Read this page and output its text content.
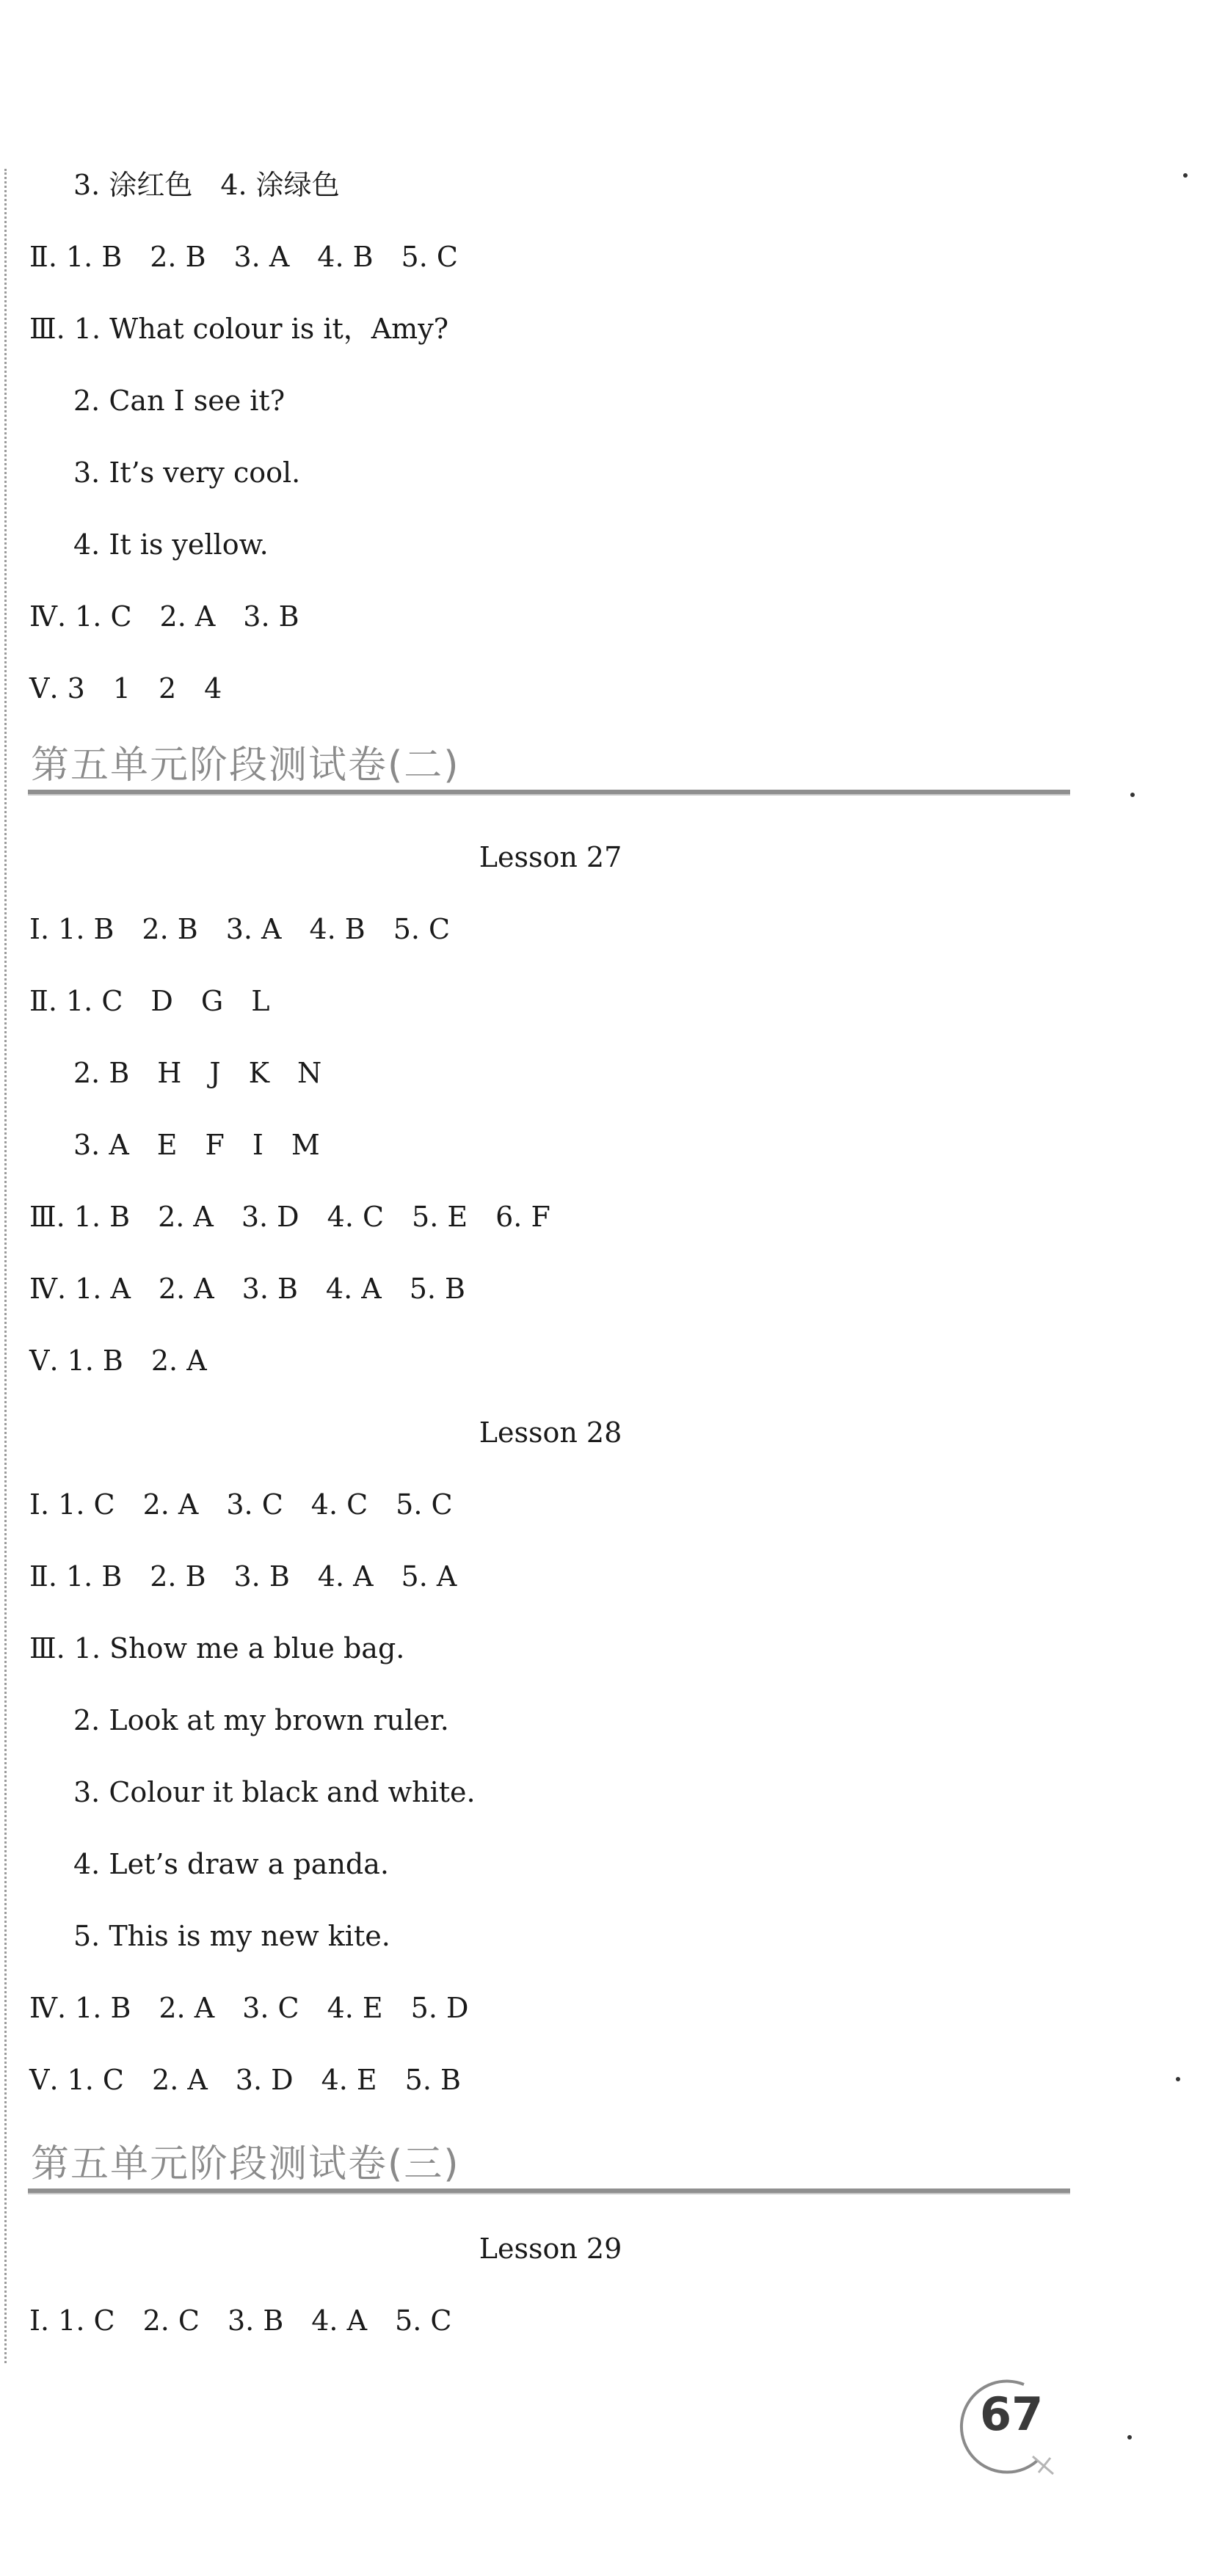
3. 涂红色　4. 涂绿色
Ⅱ. 1. B　2. B　3. A　4. B　5. C
Ⅲ. 1. What colour is it，Amy?
2. Can I see it?
3. It’s very cool.
4. It is yellow.
Ⅳ. 1. C　2. A　3. B
Ⅴ. 3　1　2　4
第五单元阶段测试卷(二)
Lesson 27
Ⅰ. 1. B　2. B　3. A　4. B　5. C
Ⅱ. 1. C　D　G　L
2. B　H　J　K　N
3. A　E　F　I　M
Ⅲ. 1. B　2. A　3. D　4. C　5. E　6. F
Ⅳ. 1. A　2. A　3. B　4. A　5. B
Ⅴ. 1. B　2. A
Lesson 28
Ⅰ. 1. C　2. A　3. C　4. C　5. C
Ⅱ. 1. B　2. B　3. B　4. A　5. A
Ⅲ. 1. Show me a blue bag.
2. Look at my brown ruler.
3. Colour it black and white.
4. Let’s draw a panda.
5. This is my new kite.
Ⅳ. 1. B　2. A　3. C　4. E　5. D
Ⅴ. 1. C　2. A　3. D　4. E　5. B
第五单元阶段测试卷(三)
Lesson 29
Ⅰ. 1. C　2. C　3. B　4. A　5. C
67
